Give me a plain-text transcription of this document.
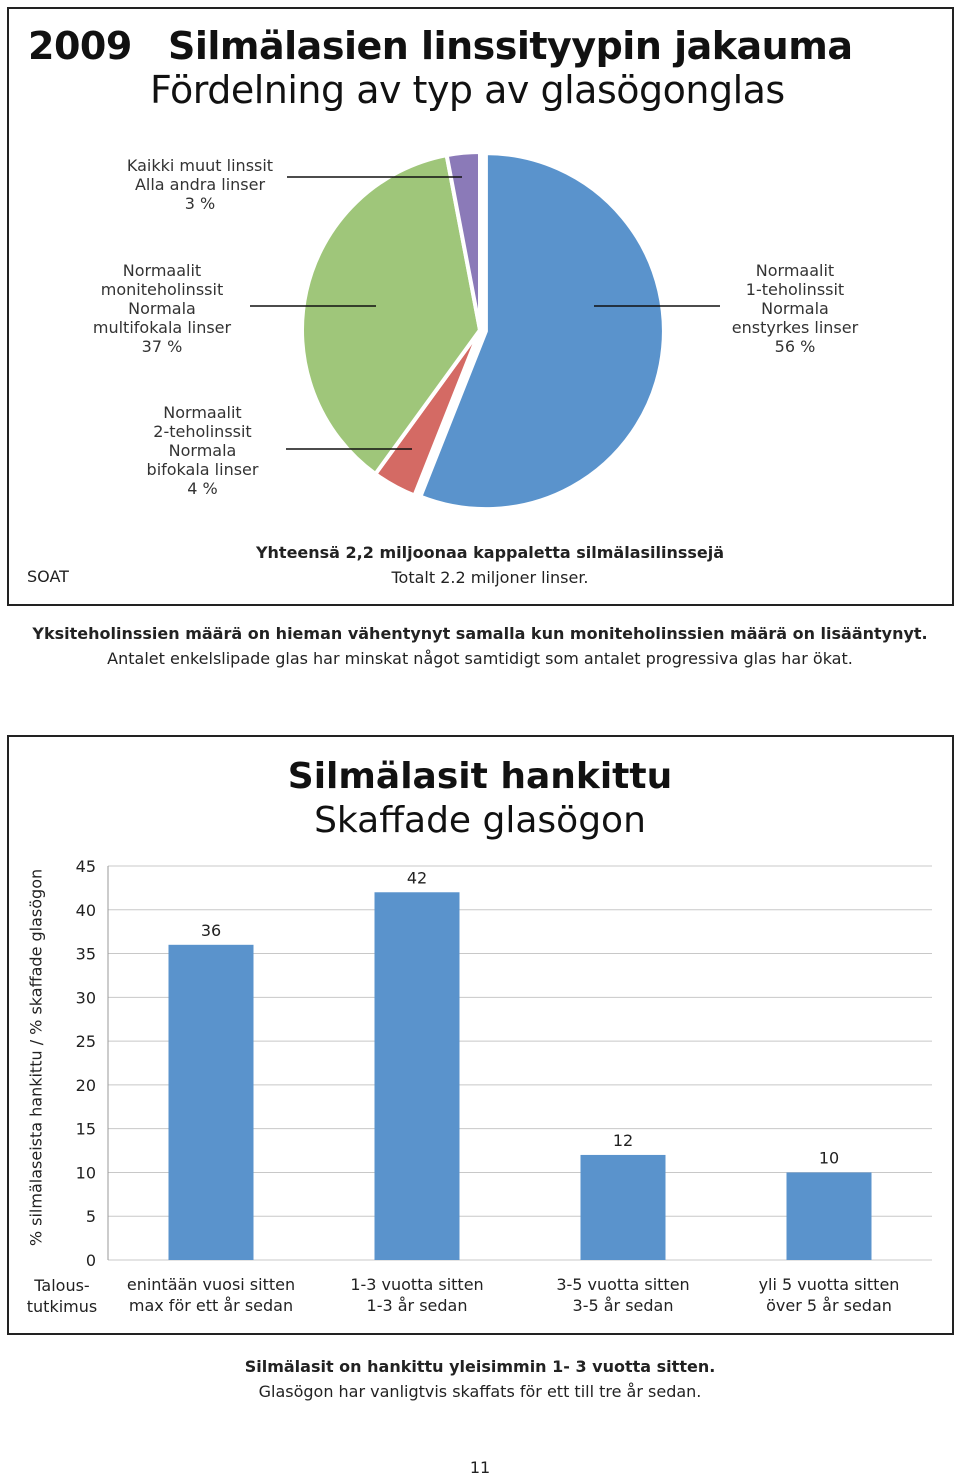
2009 Silmälasien linssityypin jakauma
Fördelning av typ av glasögonglas
Kaikki muut linssit
Alla andra linser
3 %
Normaalit
moniteholinssit
Normala
multifokala linser
37 %
Normaalit
1-teholinssit
Normala
enstyrkes linser
56 %
Normaalit
2-teholinssit
Normala
bifokala linser
4 %
SOAT
Yhteensä 2,2 miljoonaa kappaletta silmälasilinssejä
Totalt 2.2 miljoner linser.
Yksiteholinssien määrä on hieman vähentynyt samalla kun moniteholinssien määrä on lisääntynyt.
Antalet enkelslipade glas har minskat något samtidigt som antalet progressiva glas har ökat.
Silmälasit hankittu
Skaffade glasögon
% silmälaseista hankittu / % skaffade glasögon
0
5
10
15
20
25
30
35
40
45
36
42
12
10
enintään vuosi sitten
max för ett år sedan
1-3 vuotta sitten
1-3 år sedan
3-5 vuotta sitten
3-5 år sedan
yli 5 vuotta sitten
över 5 år sedan
Talous-
tutkimus
Silmälasit on hankittu yleisimmin 1- 3 vuotta sitten.
Glasögon har vanligtvis skaffats för ett till tre år sedan.
11
